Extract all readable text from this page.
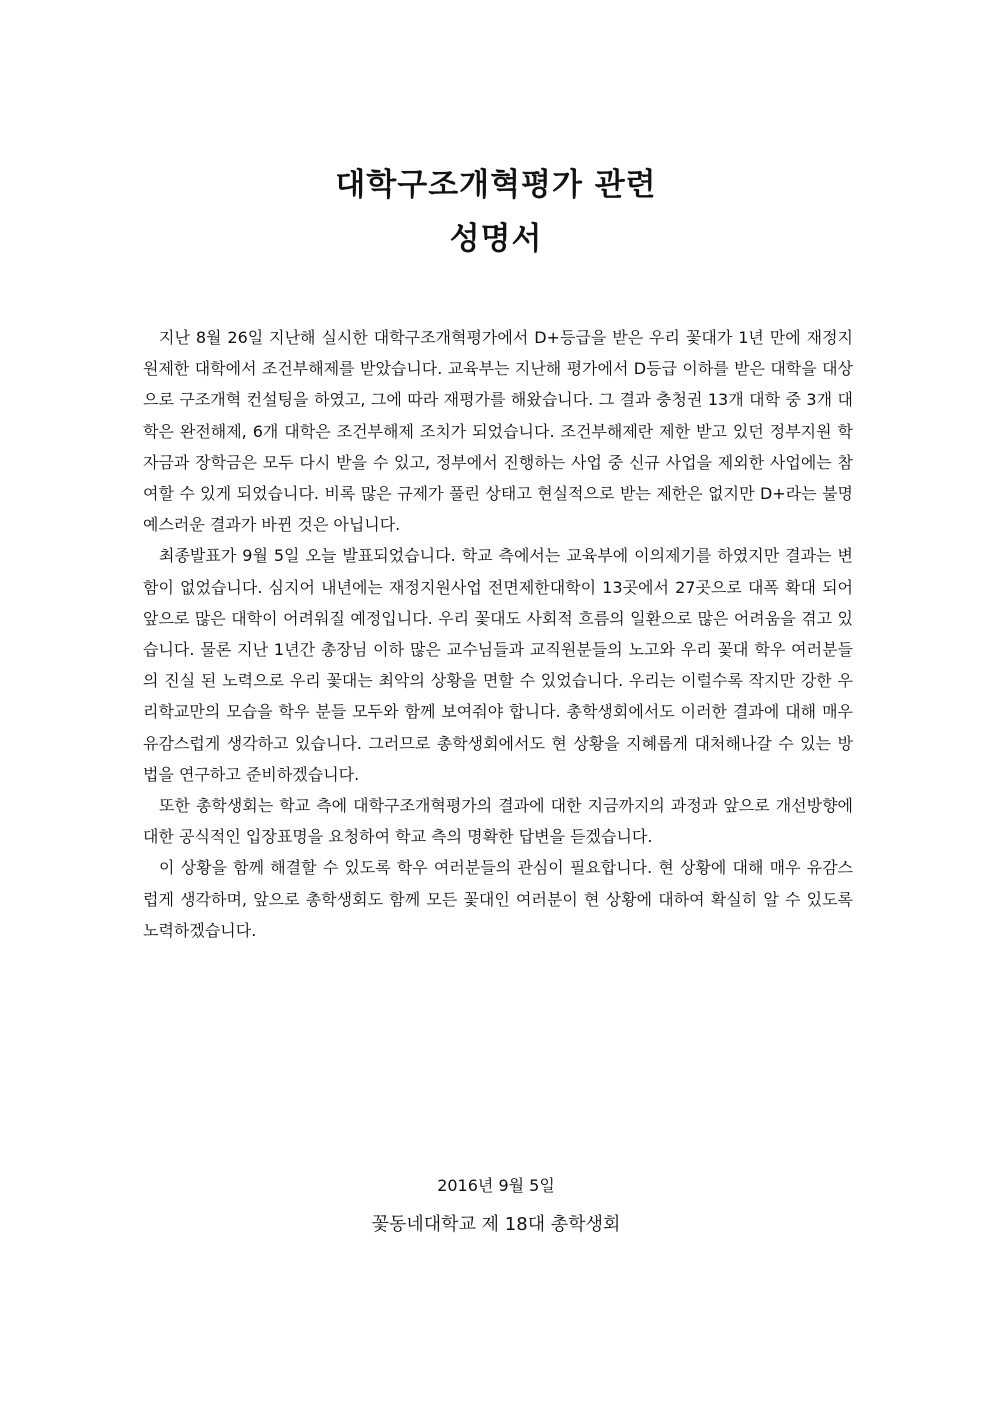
대학구조개혁평가 관련
성명서

지난 8월 26일 지난해 실시한 대학구조개혁평가에서 D+등급을 받은 우리 꽃대가 1년 만에 재정지원제한 대학에서 조건부해제를 받았습니다. 교육부는 지난해 평가에서 D등급 이하를 받은 대학을 대상으로 구조개혁 컨설팅을 하였고, 그에 따라 재평가를 해왔습니다. 그 결과 충청권 13개 대학 중 3개 대학은 완전해제, 6개 대학은 조건부해제 조치가 되었습니다. 조건부해제란 제한 받고 있던 정부지원 학자금과 장학금은 모두 다시 받을 수 있고, 정부에서 진행하는 사업 중 신규 사업을 제외한 사업에는 참여할 수 있게 되었습니다. 비록 많은 규제가 풀린 상태고 현실적으로 받는 제한은 없지만 D+라는 불명예스러운 결과가 바뀐 것은 아닙니다.

최종발표가 9월 5일 오늘 발표되었습니다. 학교 측에서는 교육부에 이의제기를 하였지만 결과는 변함이 없었습니다. 심지어 내년에는 재정지원사업 전면제한대학이 13곳에서 27곳으로 대폭 확대 되어 앞으로 많은 대학이 어려워질 예정입니다. 우리 꽃대도 사회적 흐름의 일환으로 많은 어려움을 겪고 있습니다. 물론 지난 1년간 총장님 이하 많은 교수님들과 교직원분들의 노고와 우리 꽃대 학우 여러분들의 진실 된 노력으로 우리 꽃대는 최악의 상황을 면할 수 있었습니다. 우리는 이럴수록 작지만 강한 우리학교만의 모습을 학우 분들 모두와 함께 보여줘야 합니다. 총학생회에서도 이러한 결과에 대해 매우 유감스럽게 생각하고 있습니다. 그러므로 총학생회에서도 현 상황을 지혜롭게 대처해나갈 수 있는 방법을 연구하고 준비하겠습니다.

또한 총학생회는 학교 측에 대학구조개혁평가의 결과에 대한 지금까지의 과정과 앞으로 개선방향에 대한 공식적인 입장표명을 요청하여 학교 측의 명확한 답변을 듣겠습니다.

이 상황을 함께 해결할 수 있도록 학우 여러분들의 관심이 필요합니다. 현 상황에 대해 매우 유감스럽게 생각하며, 앞으로 총학생회도 함께 모든 꽃대인 여러분이 현 상황에 대하여 확실히 알 수 있도록 노력하겠습니다.

2016년 9월 5일
꽃동네대학교 제 18대 총학생회
